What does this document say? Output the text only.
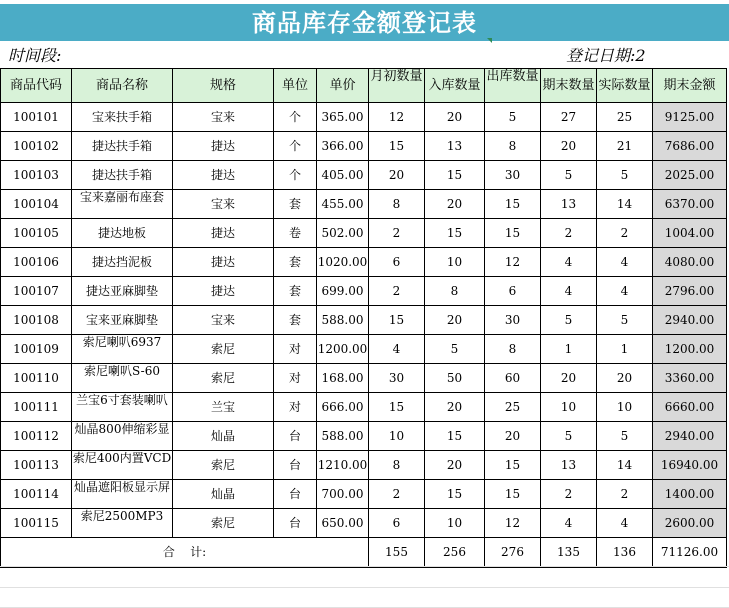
商品库存金额登记表
时间段:	登记日期:2
商品代码	商品名称	规格	单位	单价	月初数量	入库数量	出库数量	期末数量	实际数量	期末金额
100101	宝来扶手箱	宝来	个	365.00	12	20	5	27	25	9125.00
100102	捷达扶手箱	捷达	个	366.00	15	13	8	20	21	7686.00
100103	捷达扶手箱	捷达	个	405.00	20	15	30	5	5	2025.00
100104	宝来嘉丽布座套	宝来	套	455.00	8	20	15	13	14	6370.00
100105	捷达地板	捷达	卷	502.00	2	15	15	2	2	1004.00
100106	捷达挡泥板	捷达	套	1020.00	6	10	12	4	4	4080.00
100107	捷达亚麻脚垫	捷达	套	699.00	2	8	6	4	4	2796.00
100108	宝来亚麻脚垫	宝来	套	588.00	15	20	30	5	5	2940.00
100109	索尼喇叭6937	索尼	对	1200.00	4	5	8	1	1	1200.00
100110	索尼喇叭S-60	索尼	对	168.00	30	50	60	20	20	3360.00
100111	兰宝6寸套装喇叭	兰宝	对	666.00	15	20	25	10	10	6660.00
100112	灿晶800伸缩彩显	灿晶	台	588.00	10	15	20	5	5	2940.00
100113	索尼400内置VCD	索尼	台	1210.00	8	20	15	13	14	16940.00
100114	灿晶遮阳板显示屏	灿晶	台	700.00	2	15	15	2	2	1400.00
100115	索尼2500MP3	索尼	台	650.00	6	10	12	4	4	2600.00
合    计:					155	256	276	135	136	71126.00
